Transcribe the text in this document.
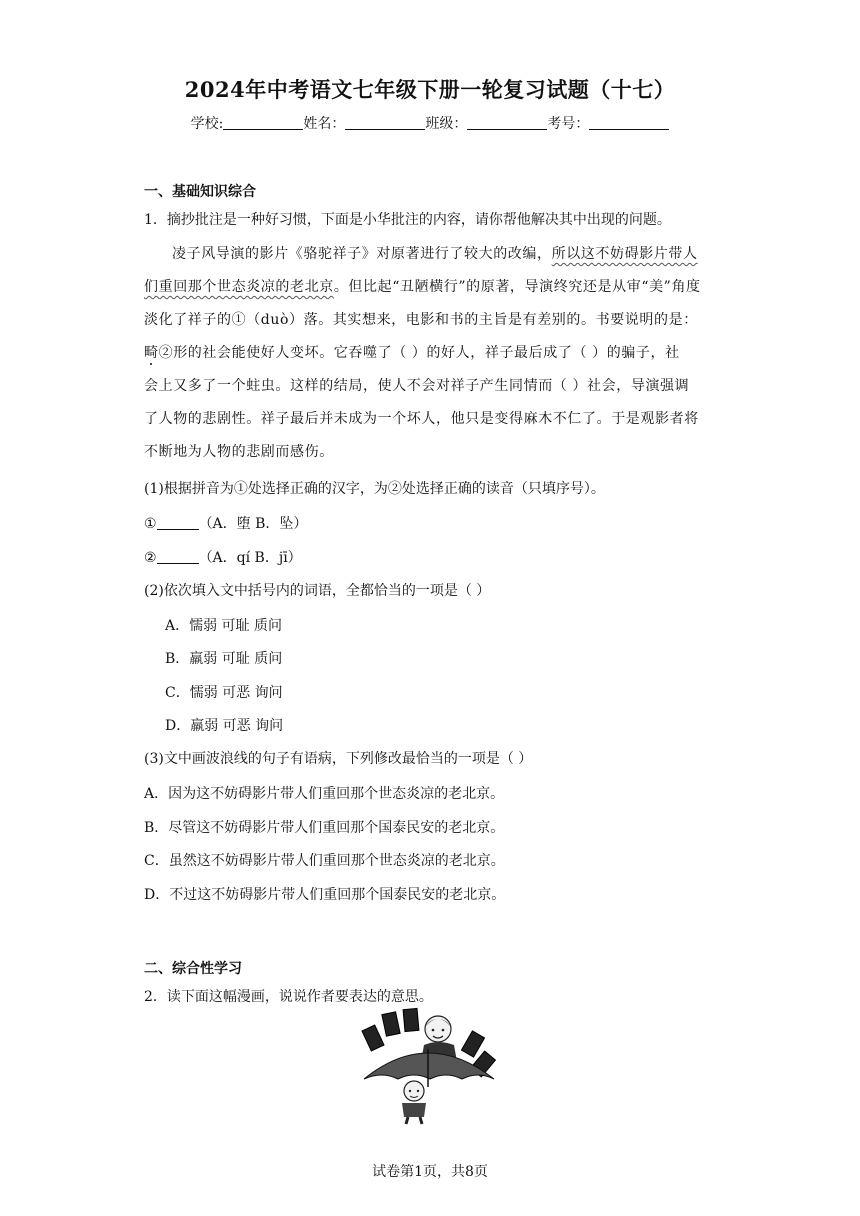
2024年中考语文七年级下册一轮复习试题（十七）
学校:	姓名：	班级：	考号：
一、基础知识综合
1．摘抄批注是一种好习惯，下面是小华批注的内容，请你帮他解决其中出现的问题。
凌子风导演的影片《骆驼祥子》对原著进行了较大的改编，所以这不妨碍影片带人
们重回那个世态炎凉的老北京。但比起“丑陋横行”的原著，导演终究还是从审“美”角度
淡化了祥子的①（duò）落。其实想来，电影和书的主旨是有差别的。书要说明的是：
畸②形的社会能使好人变坏。它吞噬了（ ）的好人，祥子最后成了（ ）的骗子，社
会上又多了一个蛀虫。这样的结局，使人不会对祥子产生同情而（ ）社会，导演强调
了人物的悲剧性。祥子最后并未成为一个坏人，他只是变得麻木不仁了。于是观影者将
不断地为人物的悲剧而感伤。
(1)根据拼音为①处选择正确的汉字，为②处选择正确的读音（只填序号）。
①	（A．堕 B．坠）
②	（A．qí B．jī）
(2)依次填入文中括号内的词语，全都恰当的一项是（ ）
A．懦弱 可耻 质问
B．羸弱 可耻 质问
C．懦弱 可恶 询问
D．羸弱 可恶 询问
(3)文中画波浪线的句子有语病，下列修改最恰当的一项是（ ）
A．因为这不妨碍影片带人们重回那个世态炎凉的老北京。
B．尽管这不妨碍影片带人们重回那个国泰民安的老北京。
C．虽然这不妨碍影片带人们重回那个世态炎凉的老北京。
D．不过这不妨碍影片带人们重回那个国泰民安的老北京。
二、综合性学习
2．读下面这幅漫画，说说作者要表达的意思。
试卷第1页，共8页
